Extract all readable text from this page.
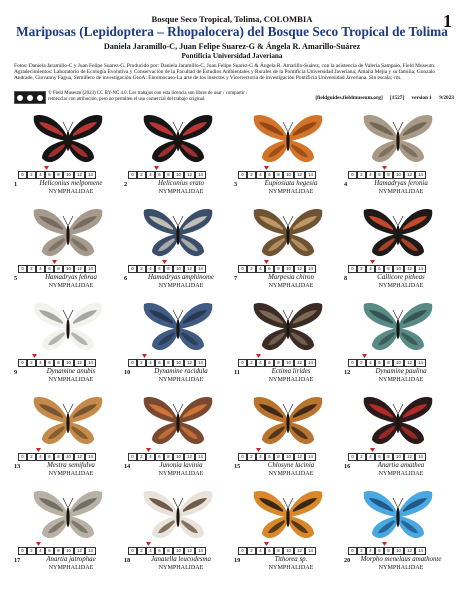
Bosque Seco Tropical, Tolima, COLOMBIA	1
Mariposas (Lepidoptera – Rhopalocera) del Bosque Seco Tropical de Tolima
Daniela Jaramillo-C, Juan Felipe Suarez-G & Ángela R. Amarillo-Suárez
Pontificia Universidad Javeriana
Fotos: Daniela Jaramillo-C y Juan Felipe Suarez-G. Producido por: Daniela Jaramillo-C, Juan Felipe Suarez-G & Ángela R. Amarillo-Suárez, con la asistencia de Valeria Sampaio, Field Museum. Agradecimientos: Laboratorio de Ecología Evolutiva y Conservación de la Facultad de Estudios Ambientales y Rurales de la Pontificia Universidad Javeriana; Amalia Mejía y su familia; Gonzalo Andrade, Giovanny Fagua, Semillero de investigación GeoA: Entomocaso-La arte de los insectos y Vicerrectoría de investigación Pontificia Universidad Javeriana. Sin escala; cm.
© Field Museum (2023) CC BY-NC 4.0. Los trabajos con esta licencia son libres de usar / compartir / remezclar con atribución, pero no permiten el uso comercial del trabajo original.	[fieldguides.fieldmuseum.org] [1527] version 1 9/2023
0	2	4	6	8	10	12	14
1	Heliconius melpomene
NYMPHALIDAE
0	2	4	6	8	10	12	14
2	Heliconius erato
NYMPHALIDAE
0	2	4	6	8	10	12	14
3	Eupiosiata hegesia
NYMPHALIDAE
0	2	4	6	8	10	12	14
4	Hamadryas feronia
NYMPHALIDAE
0	2	4	6	8	10	12	14
5	Hamadryas februa
NYMPHALIDAE
0	2	4	6	8	10	12	14
6	Hamadryas amphinome
NYMPHALIDAE
0	2	4	6	8	10	12	14
7	Marpesia chiron
NYMPHALIDAE
0	2	4	6	8	10	12	14
8	Callicore pitheas
NYMPHALIDAE
0	2	4	6	8	10	12	14
9	Dynamine anubis
NYMPHALIDAE
0	2	4	6	8	10	12	14
10	Dynamine racidula
NYMPHALIDAE
0	2	4	6	8	10	12	14
11	Ectima lirides
NYMPHALIDAE
0	2	4	6	8	10	12	14
12	Dynamine paulina
NYMPHALIDAE
0	2	4	6	8	10	12	14
13	Mestra semifulva
NYMPHALIDAE
0	2	4	6	8	10	12	14
14	Junonia lavinia
NYMPHALIDAE
0	2	4	6	8	10	12	14
15	Chlosyne lacinia
NYMPHALIDAE
0	2	4	6	8	10	12	14
16	Anartia amathea
NYMPHALIDAE
0	2	4	6	8	10	12	14
17	Anartia jatrophae
NYMPHALIDAE
0	2	4	6	8	10	12	14
18	Janatella leucodesma
NYMPHALIDAE
0	2	4	6	8	10	12	14
19	Tithorea sp.
NYMPHALIDAE
0	2	4	6	8	10	12	14
20	Morpho menelaus amathonte
NYMPHALIDAE
